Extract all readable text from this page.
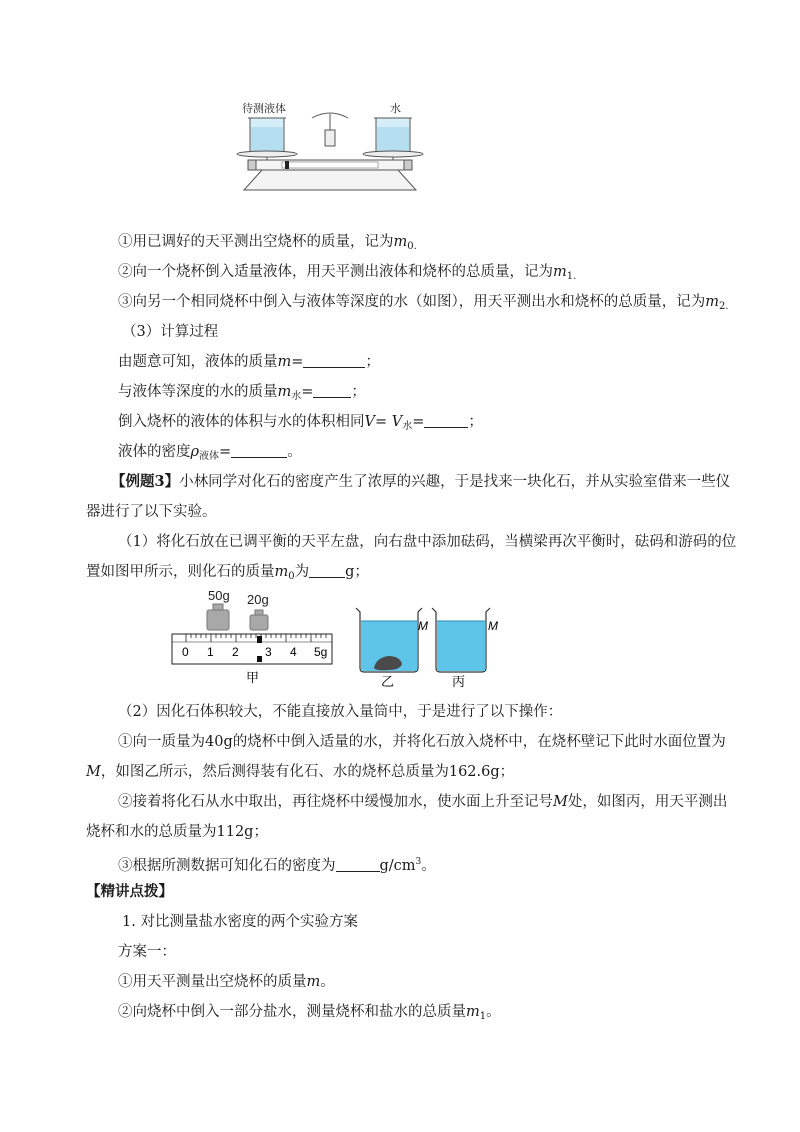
待测液体	水
①用已调好的天平测出空烧杯的质量，记为$m_{0.}$
②向一个烧杯倒入适量液体，用天平测出液体和烧杯的总质量，记为$m_{1.}$
③向另一个相同烧杯中倒入与液体等深度的水（如图），用天平测出水和烧杯的总质量，记为$m_{2.}$
（3）计算过程
由题意可知，液体的质量m=	；
与液体等深度的水的质量$m_水=$	；
倒入烧杯的液体的体积与水的体积相同$V= V_水=$	；
液体的密度$\rho_{液体}=$	。
【例题3】小林同学对化石的密度产生了浓厚的兴趣，于是找来一块化石，并从实验室借来一些仪
器进行了以下实验。
（1）将化石放在已调平衡的天平左盘，向右盘中添加砝码，当横梁再次平衡时，砝码和游码的位
置如图甲所示，则化石的质量$m_0$为 g；
50g 20g
0 1 2 3 4 5g
甲
M
乙
M
丙
（2）因化石体积较大，不能直接放入量筒中，于是进行了以下操作：
①向一质量为40g的烧杯中倒入适量的水，并将化石放入烧杯中，在烧杯壁记下此时水面位置为
M，如图乙所示，然后测得装有化石、水的烧杯总质量为162.6g；
②接着将化石从水中取出，再往烧杯中缓慢加水，使水面上升至记号M处，如图丙，用天平测出
烧杯和水的总质量为112g；
③根据所测数据可知化石的密度为	$g/cm^3$。
【精讲点拨】
1. 对比测量盐水密度的两个实验方案
方案一：
①用天平测量出空烧杯的质量m。
②向烧杯中倒入一部分盐水，测量烧杯和盐水的总质量$m_1$。
